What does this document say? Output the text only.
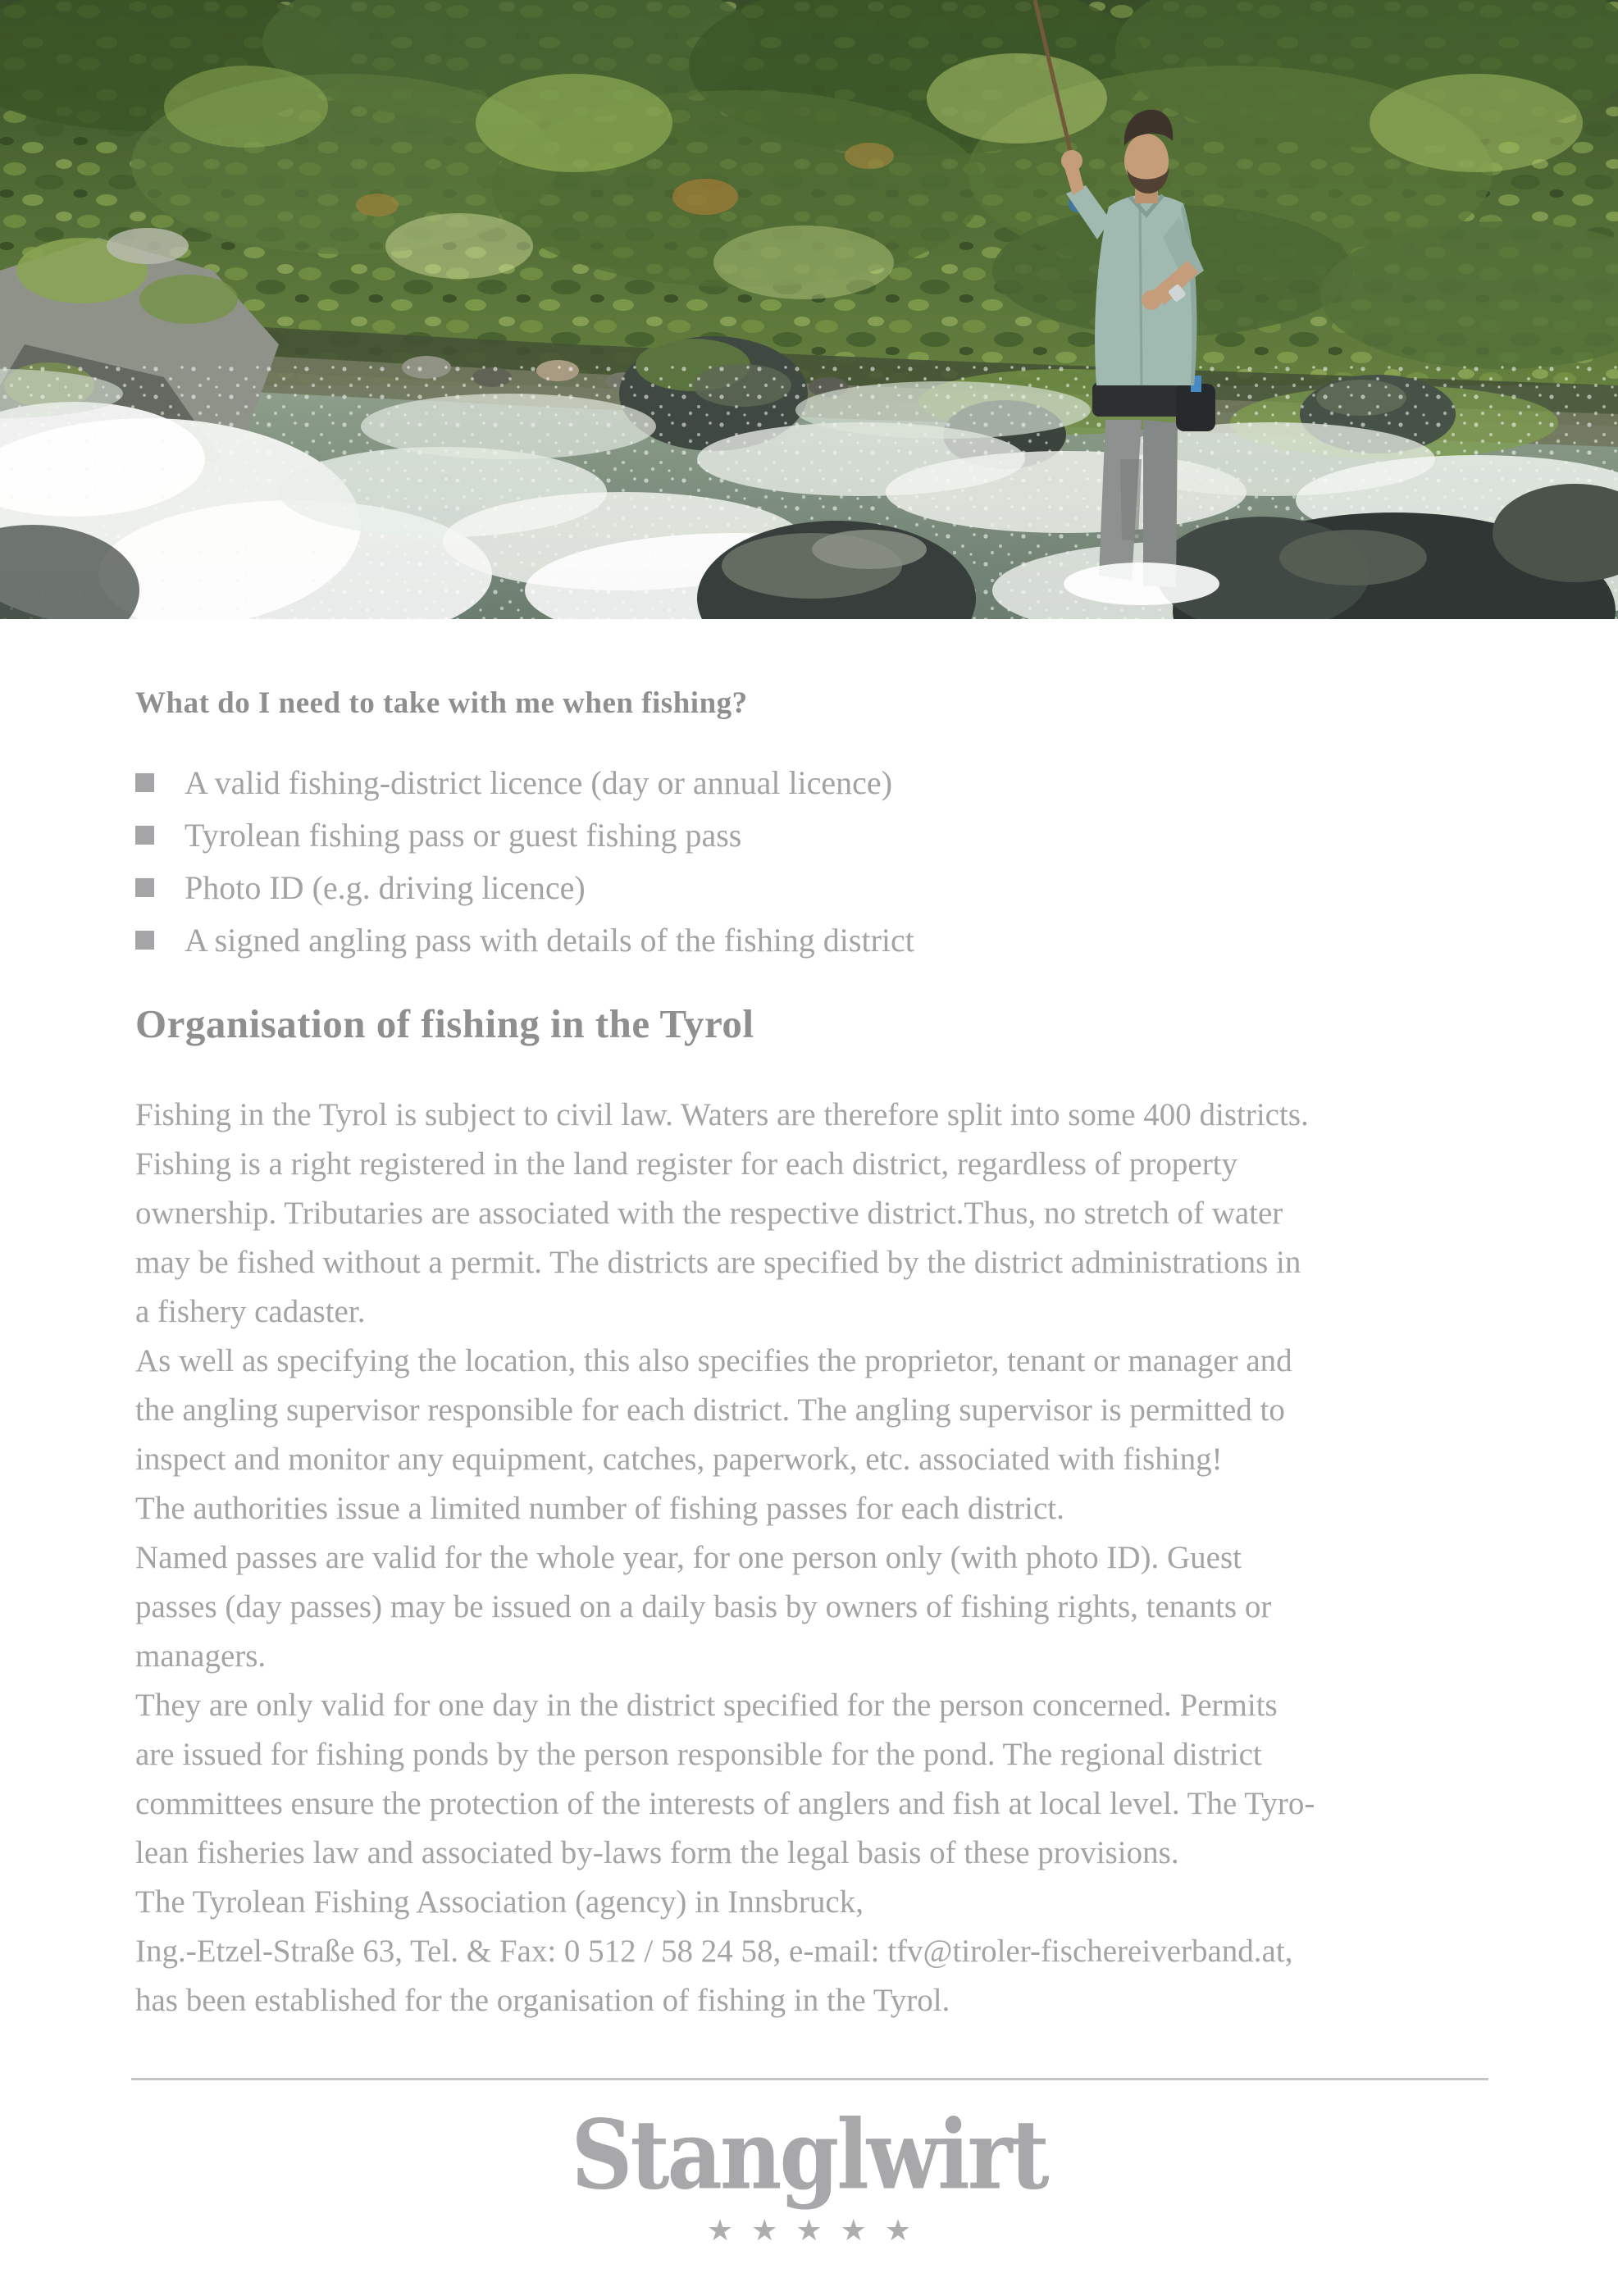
What do I need to take with me when fishing?
A valid fishing-district licence (day or annual licence)
Tyrolean fishing pass or guest fishing pass
Photo ID (e.g. driving licence)
A signed angling pass with details of the fishing district
Organisation of fishing in the Tyrol
Fishing in the Tyrol is subject to civil law. Waters are therefore split into some 400 districts.
Fishing is a right registered in the land register for each district, regardless of property
ownership. Tributaries are associated with the respective district.Thus, no stretch of water
may be fished without a permit. The districts are specified by the district administrations in
a fishery cadaster.
As well as specifying the location, this also specifies the proprietor, tenant or manager and
the angling supervisor responsible for each district. The angling supervisor is permitted to
inspect and monitor any equipment, catches, paperwork, etc. associated with fishing!
The authorities issue a limited number of fishing passes for each district.
Named passes are valid for the whole year, for one person only (with photo ID). Guest
passes (day passes) may be issued on a daily basis by owners of fishing rights, tenants or
managers.
They are only valid for one day in the district specified for the person concerned. Permits
are issued for fishing ponds by the person responsible for the pond. The regional district
committees ensure the protection of the interests of anglers and fish at local level. The Tyro-
lean fisheries law and associated by-laws form the legal basis of these provisions.
The Tyrolean Fishing Association (agency) in Innsbruck,
Ing.-Etzel-Straße 63, Tel. & Fax: 0 512 / 58 24 58, e-mail: tfv@tiroler-fischereiverband.at,
has been established for the organisation of fishing in the Tyrol.
Stanglwirt
★★★★★
